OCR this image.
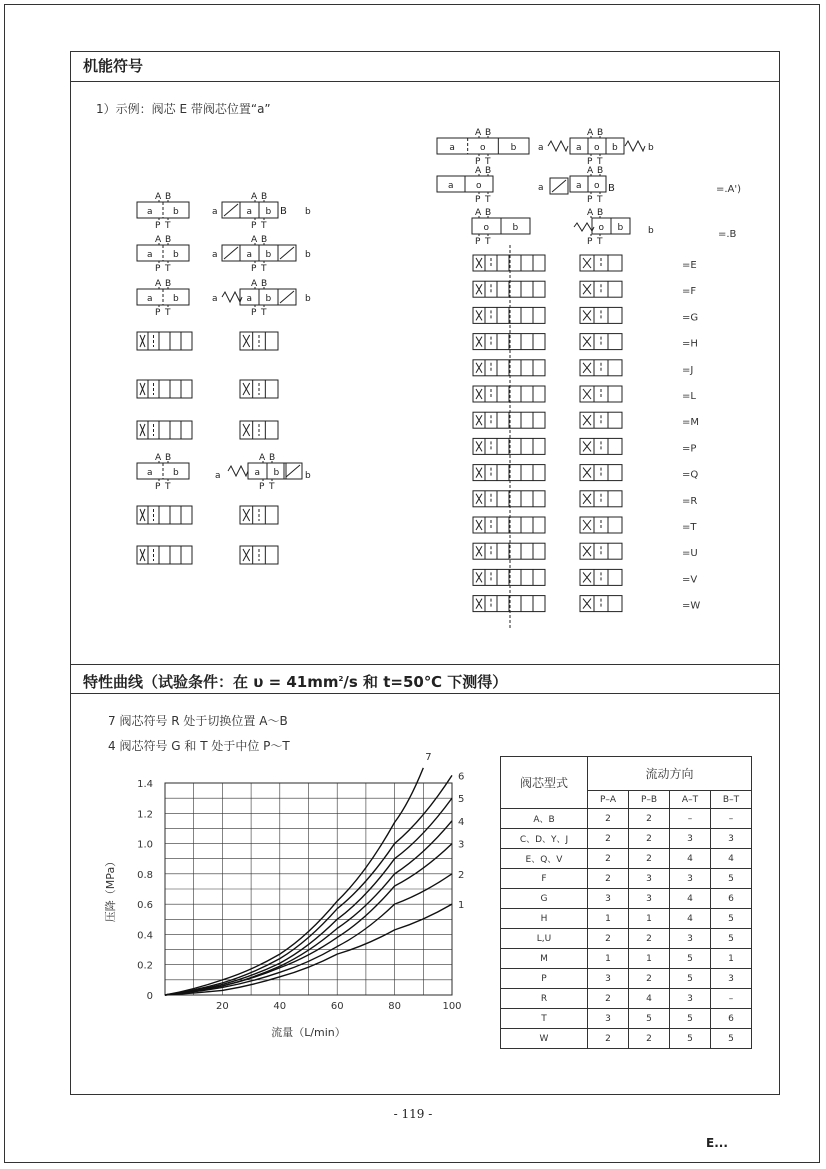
机能符号
特性曲线（试验条件：在 $\upsilon = 41mm^2/s$ 和 t=50℃ 下测得）
1）示例：阀芯 E 带阀芯位置“a”
a b
A B
P T
a	a b
A B
P T
B b
a b
A B
P T
a	a b
A B
P T
b
a b
A B
P T
a	a b
A B
P T
b
a b
A B
P T
a	a b
A B
P T
b
a	o	b
A B
P T
a	a o b
A B
P T
b
a o
A B
P T
a	a o
A B
P T
B
o	b
A B
P T
o b
A B
P T
b
=.A')
=.B
=E
=F
=G
=H
=J
=L
=M
=P
=Q
=R
=T
=U
=V
=W
7 阀芯符号 R 处于切换位置 A～B
4 阀芯符号 G 和 T 处于中位 P～T
20	40	60	80	100
0
0.2
0.4
0.6
0.8
1.0
1.2
1.4
流量（L/min）
压降（MPa）	1
2
3
4
5
6
7
阀芯型式	流动方向			
	P–A	P–B	A–T	B–T
A、B	2	2	–	–
C、D、Y、J	2	2	3	3
E、Q、V	2	2	4	4
F	2	3	3	5
G	3	3	4	6
H	1	1	4	5
L,U	2	2	3	5
M	1	1	5	1
P	3	2	5	3
R	2	4	3	–
T	3	5	5	6
W	2	2	5	5
- 119 -
E...
